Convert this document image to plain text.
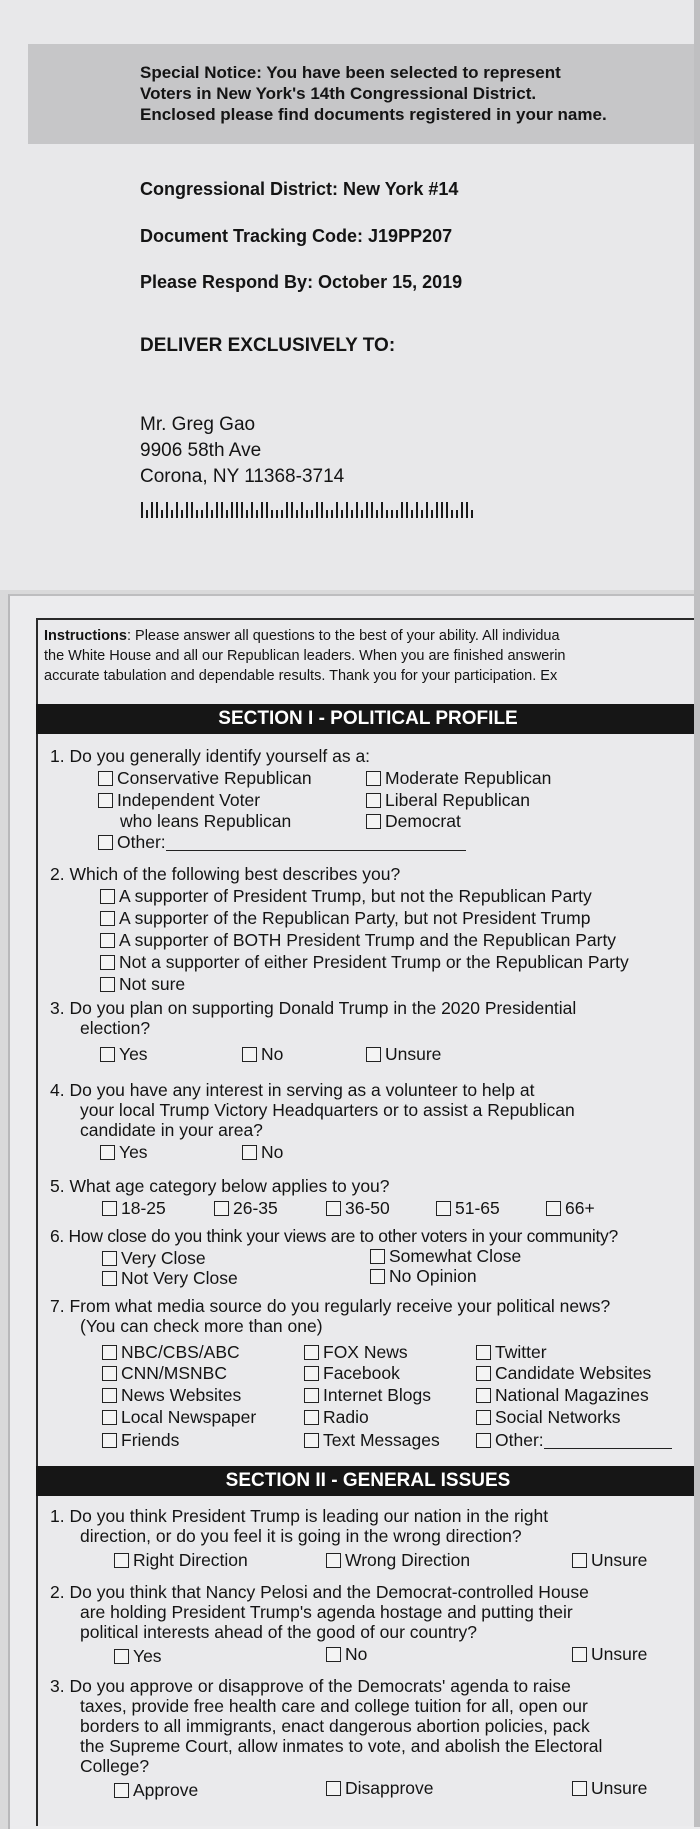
Special Notice: You have been selected to represent
Voters in New York's 14th Congressional District.
Enclosed please find documents registered in your name.

Congressional District: New York #14

Document Tracking Code: J19PP207

Please Respond By: October 15, 2019

DELIVER EXCLUSIVELY TO:

Mr. Greg Gao

9906 58th Ave

Corona, NY 11368-3714

Instructions: Please answer all questions to the best of your ability. All individua
the White House and all our Republican leaders. When you are finished answerin
accurate tabulation and dependable results. Thank you for your participation. Ex
SECTION I - POLITICAL PROFILE

1. Do you generally identify yourself as a:

Conservative Republican	Moderate Republican
Independent Voter	Liberal Republican
who leans Republican	Democrat
Other:

2. Which of the following best describes you?

A supporter of President Trump, but not the Republican Party
A supporter of the Republican Party, but not President Trump
A supporter of BOTH President Trump and the Republican Party
Not a supporter of either President Trump or the Republican Party
Not sure

3. Do you plan on supporting Donald Trump in the 2020 Presidential
election?

Yes	No	Unsure

4. Do you have any interest in serving as a volunteer to help at
your local Trump Victory Headquarters or to assist a Republican
candidate in your area?

Yes	No

5. What age category below applies to you?

18-25	26-35	36-50	51-65	66+

6. How close do you think your views are to other voters in your community?

Very Close	Somewhat Close
Not Very Close	No Opinion

7. From what media source do you regularly receive your political news?
(You can check more than one)

NBC/CBS/ABC	FOX News	Twitter
CNN/MSNBC	Facebook	Candidate Websites
News Websites	Internet Blogs	National Magazines
Local Newspaper	Radio	Social Networks
Friends	Text Messages	Other:
SECTION II - GENERAL ISSUES

1. Do you think President Trump is leading our nation in the right
direction, or do you feel it is going in the wrong direction?

Right Direction	Wrong Direction	Unsure

2. Do you think that Nancy Pelosi and the Democrat-controlled House
are holding President Trump's agenda hostage and putting their
political interests ahead of the good of our country?

Yes	No	Unsure

3. Do you approve or disapprove of the Democrats' agenda to raise
taxes, provide free health care and college tuition for all, open our
borders to all immigrants, enact dangerous abortion policies, pack
the Supreme Court, allow inmates to vote, and abolish the Electoral
College?

Approve	Disapprove	Unsure
